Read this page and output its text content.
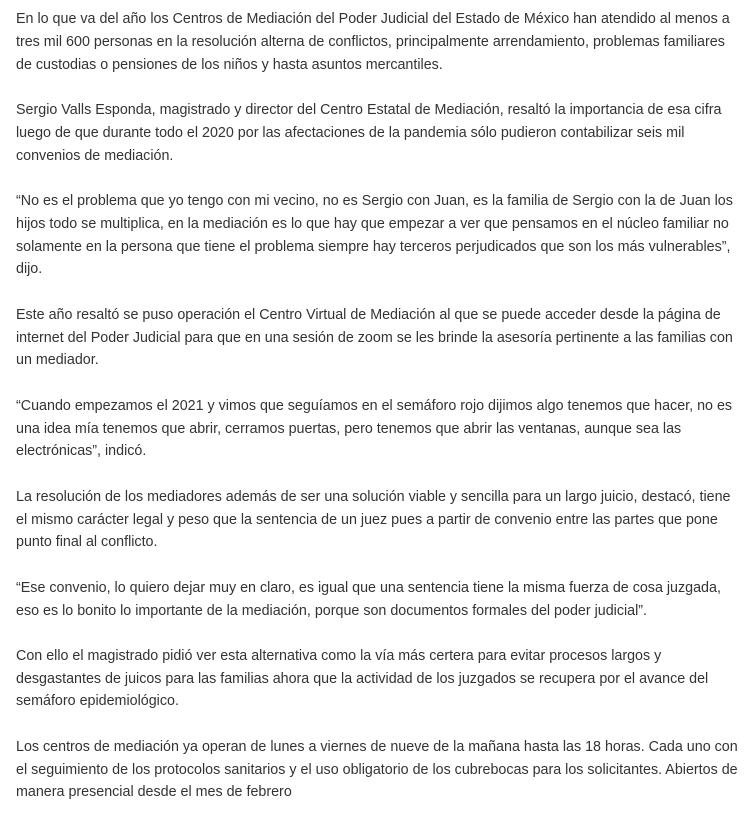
En lo que va del año los Centros de Mediación del Poder Judicial del Estado de México han atendido al menos a tres mil 600 personas en la resolución alterna de conflictos, principalmente arrendamiento, problemas familiares de custodias o pensiones de los niños y hasta asuntos mercantiles.

Sergio Valls Esponda, magistrado y director del Centro Estatal de Mediación, resaltó la importancia de esa cifra luego de que durante todo el 2020 por las afectaciones de la pandemia sólo pudieron contabilizar seis mil convenios de mediación.

“No es el problema que yo tengo con mi vecino, no es Sergio con Juan, es la familia de Sergio con la de Juan los hijos todo se multiplica, en la mediación es lo que hay que empezar a ver que pensamos en el núcleo familiar no solamente en la persona que tiene el problema siempre hay terceros perjudicados que son los más vulnerables”, dijo.

Este año resaltó se puso operación el Centro Virtual de Mediación al que se puede acceder desde la página de internet del Poder Judicial para que en una sesión de zoom se les brinde la asesoría pertinente a las familias con un mediador.

“Cuando empezamos el 2021 y vimos que seguíamos en el semáforo rojo dijimos algo tenemos que hacer, no es una idea mía tenemos que abrir, cerramos puertas, pero tenemos que abrir las ventanas, aunque sea las electrónicas”, indicó.

La resolución de los mediadores además de ser una solución viable y sencilla para un largo juicio, destacó, tiene el mismo carácter legal y peso que la sentencia de un juez pues a partir de convenio entre las partes que pone punto final al conflicto.

“Ese convenio, lo quiero dejar muy en claro, es igual que una sentencia tiene la misma fuerza de cosa juzgada, eso es lo bonito lo importante de la mediación, porque son documentos formales del poder judicial”.

Con ello el magistrado pidió ver esta alternativa como la vía más certera para evitar procesos largos y desgastantes de juicos para las familias ahora que la actividad de los juzgados se recupera por el avance del semáforo epidemiológico.

Los centros de mediación ya operan de lunes a viernes de nueve de la mañana hasta las 18 horas. Cada uno con el seguimiento de los protocolos sanitarios y el uso obligatorio de los cubrebocas para los solicitantes. Abiertos de manera presencial desde el mes de febrero
